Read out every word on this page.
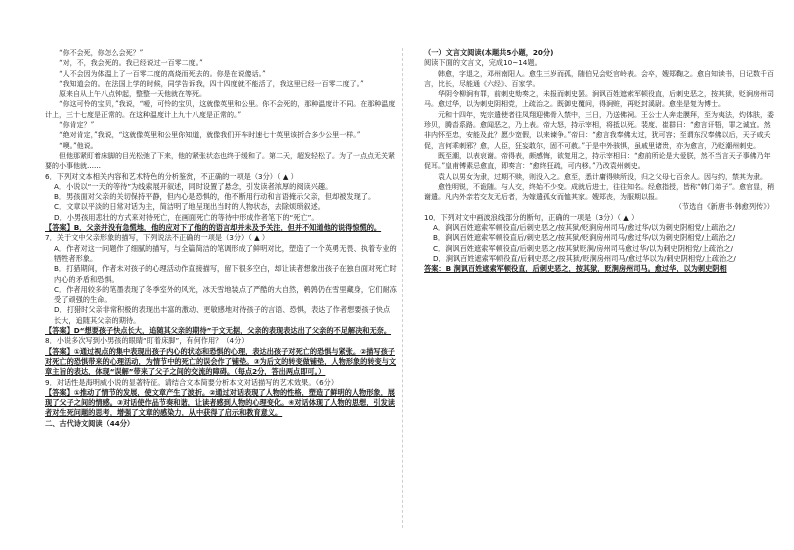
“你不会死，你怎么会死？”

“对，不，我会死的。我已经说过一百零二度。”

“人不会因为体温上了一百零二度的高烧而死去的。你是在说傻话。”

“我知道会的。在法国上学的时候，同学告诉我，四十四度就不能活了，我这里已经一百零二度了。”

原来自从上午八点钟起，整整一天他就在等死。

“你这可怜的宝贝，”我说，“嗳，可怜的宝贝，这就像英里和公里。你不会死的，那种温度计不同。在那种温度计上，三十七度是正常的。在这种温度计上九十八度是正常的。”

“你肯定？”

“绝对肯定，”我说，“这就像英里和公里你知道，就像我们开车时速七十英里该折合多少公里一样。”

“噢。”他说。

但他那紧盯着床脚的目光松弛了下来，他的紧张状态也终于缓和了。第二天，超发轻松了。为了一点点无关紧要的小事他就……

6．下列对文本相关内容和艺术特色的分析鉴赏，不正确的一项是（3分）（ ▲ ）

A．小说以“一天的等待”为线索展开叙述，同时设置了悬念，引发读者浓厚的阅读兴趣。

B．男孩面对父亲的关切保持平静，但内心是恐惧的，他不断用行动和言语掩示父亲，但却被发现了。

C．文章以平淡的日常对话为主，简洁明了地呈现出当时的人物状态，去除烦琐叙述。

D．小男孩用悲壮的方式来对待死亡，在画面死亡的等待中形成作者笔下的“死亡”。

【答案】B．父亲并没有急慌地，他的应对下了他的的语言却并未及予关注，但并不知道他的说得惊慌的。

7．关于文中父亲形象的描写，下列说法不正确的一项是（3分）（ ▲ ）

A．作者对这一问题作了细腻的描写，与全篇简洁的笔调形成了鲜明对比，塑造了一个英勇无畏、执着专业的牺牲者形象。

B．打猎期间，作者未对孩子的心理活动作直接描写，留下很多空白，却让读者想象出孩子在独自面对死亡时内心的矛盾和恐惧。

C．作者用较多的笔墨表现了冬季室外的风光，冰天雪地装点了严酷的大自然，鹌鹑仍在雪里藏身，它们耐冻受了顽强的生命。

D．打猎时父亲非常积极的表现出丰富的激动、更敏感地对待孩子的言语、恐惧，表达了作者想要孩子快点长大，追随其父亲的期待。

【答案】D“想要孩子快点长大，追随其父亲的期待”于文无据，父亲的表现表达出了父亲的不足解决和无奈。

8．小说多次写到小男孩的眼睛“盯着床脚”，有何作用？（4分）

【答案】①通过视点的集中表现出孩子内心的状态和恐惧的心理，表达出孩子对死亡的恐惧与紧张。②描写孩子对死亡的恐惧带来的心理活动，为情节中的死亡的误会作了铺垫。③为后文的转变做铺垫，人物形象的转变与文章主旨的表达，体现“误解”带来了父子之间的交流的障碍。（每点2分，答出两点即可。）

9．对话性是海明威小说的显著特征。请结合文本简要分析本文对话描写的艺术效果。（6分）

【答案】①推动了情节的发展，使文章产生了波折。②通过对话表现了人物的性格，塑造了鲜明的人物形象，展现了父子之间的情感。③对话使作品节奏和谐，让读者感到人物的心理变化。④对话体现了人物的思想，引发读者对生死问题的思考，增强了文章的感染力，从中获得了启示和教育意义。

二、古代诗文阅读（44分）

（一）文言文阅读(本题共5小题，20分)

阅读下面的文言文，完成10~14题。

韩愈，字退之，邓州南阳人。愈生三岁而孤，随伯兄会贬官岭表。会卒，嫂郑鞠之。愈自知读书，日记数千百言，比长，尽能通《六经》、百家学。

华阴令柳涧有罪，前刺史劾奏之，未报而刺史罢。涧讽百姓遮索军顿役直，后刺史恶之，按其狱，贬涧房州司马。愈过华，以为刺史阴相党，上疏治之。既御史覆问，得涧赃，再贬封溪尉。愈坐是复为博士。

元和十四年，宪宗遣使者往凤翔迎佛骨入禁中，三日，乃送佛祠。王公士人奔走膜拜，至为夷法，灼体肤，委珍贝，腾沓系路。愈闻恶之，乃上表。帝大怒，持示宰相，将抵以死。裴度、崔群曰：“愈言讦牾，罪之诚宜。然非内怀至忠，安能及此？愿少宽假，以来谏争。”帝曰：“愈言我奉佛太过，犹可容；至谓东汉奉佛以后，天子咸夭促，言何乖刺邪？愈，人臣，狂妄敢尔，固不可赦。”于是中外骇惧，虽戚里诸贵，亦为愈言，乃贬潮州刺史。

既至潮，以表哀谢。帝得表，颇感悔，欲复用之，持示宰相曰：“愈前所论是大爱朕，然不当言天子事佛乃年促耳。”皇甫镈素忌愈直，即奏言：“愈终狂疏，可内移。”乃改袁州刺史。

袁人以男女为隶，过期不赎，则没入之。愈至，悉计庸得赎所没，归之父母七百余人。因与约，禁其为隶。

愈性明锐，不诡随。与人交，终始不少变。成就后进士，往往知名。经愈指授，皆称“韩门弟子”。愈官显，稍谢遣。凡内外亲若交友无后者，为嫁遣孤女而恤其家。嫂郑丧，为服期以报。

（节选自《新唐书·韩愈列传》）

10．下列对文中画波浪线部分的断句，正确的一项是（3分）（ ▲ ）

A．涧讽百姓遮索军顿役直/后刺史恶之/按其狱/贬涧房州司马/愈过华/以为刺史阴相党/上疏治之/

B．涧讽百姓遮索军顿役直后/刺史恶之/按其狱/贬涧房州司马/愈过华/以为刺史阴相党/上疏治之/

C．涧讽百姓遮索军顿役直/后刺史恶之/按其狱贬涧/房州司马愈过华/以为刺史阴相党/上疏治之/

D．涧讽百姓遮索军顿役直/后刺史恶之/按其狱/贬涧房州司马/愈过华以为/刺史阴相党/上疏治之/

答案：B 涧讽百姓遮索军顿役直，后刺史恶之，按其狱，贬涧房州司马。愈过华，以为刺史阴相
